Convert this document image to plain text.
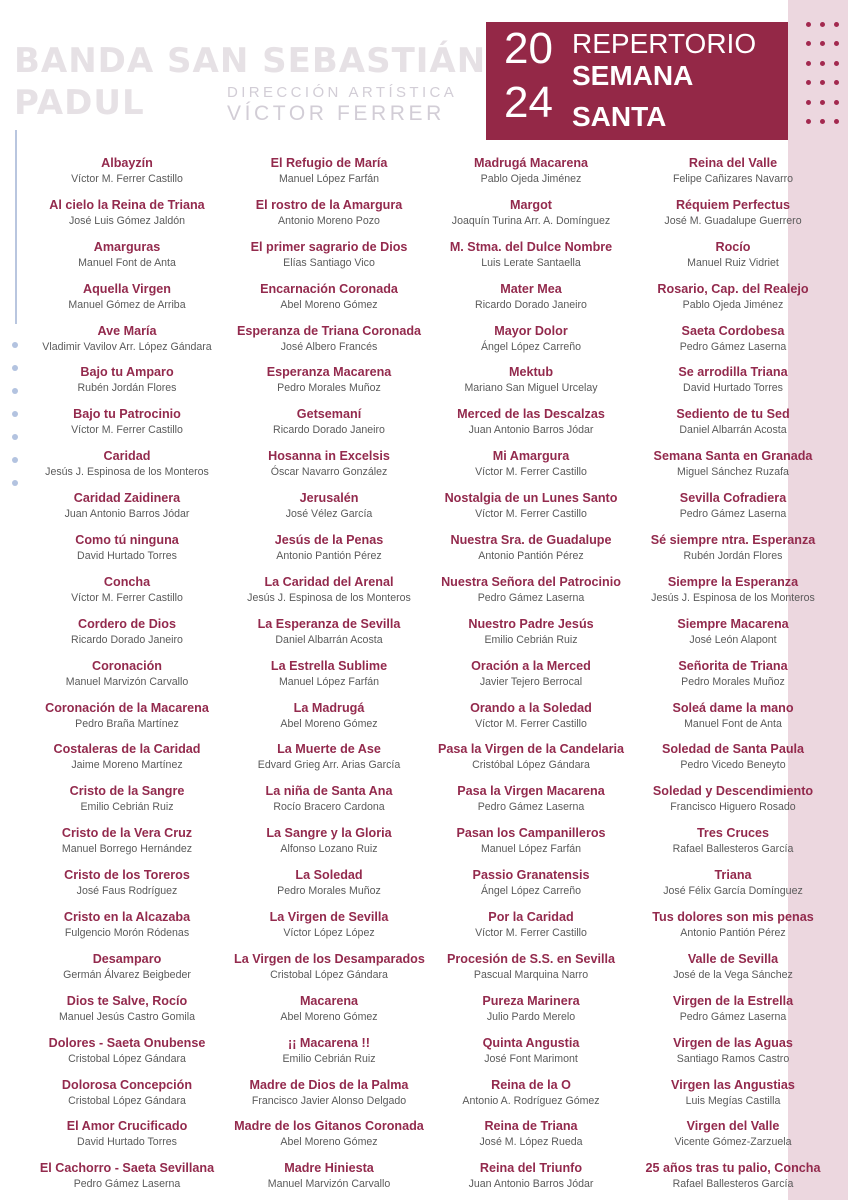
BANDA SAN SEBASTIÁN
PADUL	DIRECCIÓN ARTÍSTICA
VÍCTOR FERRER
20
24
REPERTORIO
SEMANA
SANTA
Albayzín
Víctor M. Ferrer Castillo
Al cielo la Reina de Triana
José Luis Gómez Jaldón
Amarguras
Manuel Font de Anta
Aquella Virgen
Manuel Gómez de Arriba
Ave María
Vladimir Vavilov Arr. López Gándara
Bajo tu Amparo
Rubén Jordán Flores
Bajo tu Patrocinio
Víctor M. Ferrer Castillo
Caridad
Jesús J. Espinosa de los Monteros
Caridad Zaidinera
Juan Antonio Barros Jódar
Como tú ninguna
David Hurtado Torres
Concha
Víctor M. Ferrer Castillo
Cordero de Dios
Ricardo Dorado Janeiro
Coronación
Manuel Marvizón Carvallo
Coronación de la Macarena
Pedro Braña Martínez
Costaleras de la Caridad
Jaime Moreno Martínez
Cristo de la Sangre
Emilio Cebrián Ruiz
Cristo de la Vera Cruz
Manuel Borrego Hernández
Cristo de los Toreros
José Faus Rodríguez
Cristo en la Alcazaba
Fulgencio Morón Ródenas
Desamparo
Germán Álvarez Beigbeder
Dios te Salve, Rocío
Manuel Jesús Castro Gomila
Dolores - Saeta Onubense
Cristobal López Gándara
Dolorosa Concepción
Cristobal López Gándara
El Amor Crucificado
David Hurtado Torres
El Cachorro - Saeta Sevillana
Pedro Gámez Laserna
El Refugio de María
Manuel López Farfán
El rostro de la Amargura
Antonio Moreno Pozo
El primer sagrario de Dios
Elías Santiago Vico
Encarnación Coronada
Abel Moreno Gómez
Esperanza de Triana Coronada
José Albero Francés
Esperanza Macarena
Pedro Morales Muñoz
Getsemaní
Ricardo Dorado Janeiro
Hosanna in Excelsis
Óscar Navarro González
Jerusalén
José Vélez García
Jesús de la Penas
Antonio Pantión Pérez
La Caridad del Arenal
Jesús J. Espinosa de los Monteros
La Esperanza de Sevilla
Daniel Albarrán Acosta
La Estrella Sublime
Manuel López Farfán
La Madrugá
Abel Moreno Gómez
La Muerte de Ase
Edvard Grieg Arr. Arias García
La niña de Santa Ana
Rocío Bracero Cardona
La Sangre y la Gloria
Alfonso Lozano Ruiz
La Soledad
Pedro Morales Muñoz
La Virgen de Sevilla
Víctor López López
La Virgen de los Desamparados
Cristobal López Gándara
Macarena
Abel Moreno Gómez
¡¡ Macarena !!
Emilio Cebrián Ruiz
Madre de Dios de la Palma
Francisco Javier Alonso Delgado
Madre de los Gitanos Coronada
Abel Moreno Gómez
Madre Hiniesta
Manuel Marvizón Carvallo
Madrugá Macarena
Pablo Ojeda Jiménez
Margot
Joaquín Turina Arr. A. Domínguez
M. Stma. del Dulce Nombre
Luis Lerate Santaella
Mater Mea
Ricardo Dorado Janeiro
Mayor Dolor
Ángel López Carreño
Mektub
Mariano San Miguel Urcelay
Merced de las Descalzas
Juan Antonio Barros Jódar
Mi Amargura
Víctor M. Ferrer Castillo
Nostalgia de un Lunes Santo
Víctor M. Ferrer Castillo
Nuestra Sra. de Guadalupe
Antonio Pantión Pérez
Nuestra Señora del Patrocinio
Pedro Gámez Laserna
Nuestro Padre Jesús
Emilio Cebrián Ruiz
Oración a la Merced
Javier Tejero Berrocal
Orando a la Soledad
Víctor M. Ferrer Castillo
Pasa la Virgen de la Candelaria
Cristóbal López Gándara
Pasa la Virgen Macarena
Pedro Gámez Laserna
Pasan los Campanilleros
Manuel López Farfán
Passio Granatensis
Ángel López Carreño
Por la Caridad
Víctor M. Ferrer Castillo
Procesión de S.S. en Sevilla
Pascual Marquina Narro
Pureza Marinera
Julio Pardo Merelo
Quinta Angustia
José Font Marimont
Reina de la O
Antonio A. Rodríguez Gómez
Reina de Triana
José M. López Rueda
Reina del Triunfo
Juan Antonio Barros Jódar
Reina del Valle
Felipe Cañizares Navarro
Réquiem Perfectus
José M. Guadalupe Guerrero
Rocío
Manuel Ruiz Vidriet
Rosario, Cap. del Realejo
Pablo Ojeda Jiménez
Saeta Cordobesa
Pedro Gámez Laserna
Se arrodilla Triana
David Hurtado Torres
Sediento de tu Sed
Daniel Albarrán Acosta
Semana Santa en Granada
Miguel Sánchez Ruzafa
Sevilla Cofradiera
Pedro Gámez Laserna
Sé siempre ntra. Esperanza
Rubén Jordán Flores
Siempre la Esperanza
Jesús J. Espinosa de los Monteros
Siempre Macarena
José León Alapont
Señorita de Triana
Pedro Morales Muñoz
Soleá dame la mano
Manuel Font de Anta
Soledad de Santa Paula
Pedro Vicedo Beneyto
Soledad y Descendimiento
Francisco Higuero Rosado
Tres Cruces
Rafael Ballesteros García
Triana
José Félix García Domínguez
Tus dolores son mis penas
Antonio Pantión Pérez
Valle de Sevilla
José de la Vega Sánchez
Virgen de la Estrella
Pedro Gámez Laserna
Virgen de las Aguas
Santiago Ramos Castro
Virgen las Angustias
Luis Megías Castilla
Virgen del Valle
Vicente Gómez-Zarzuela
25 años tras tu palio, Concha
Rafael Ballesteros García
